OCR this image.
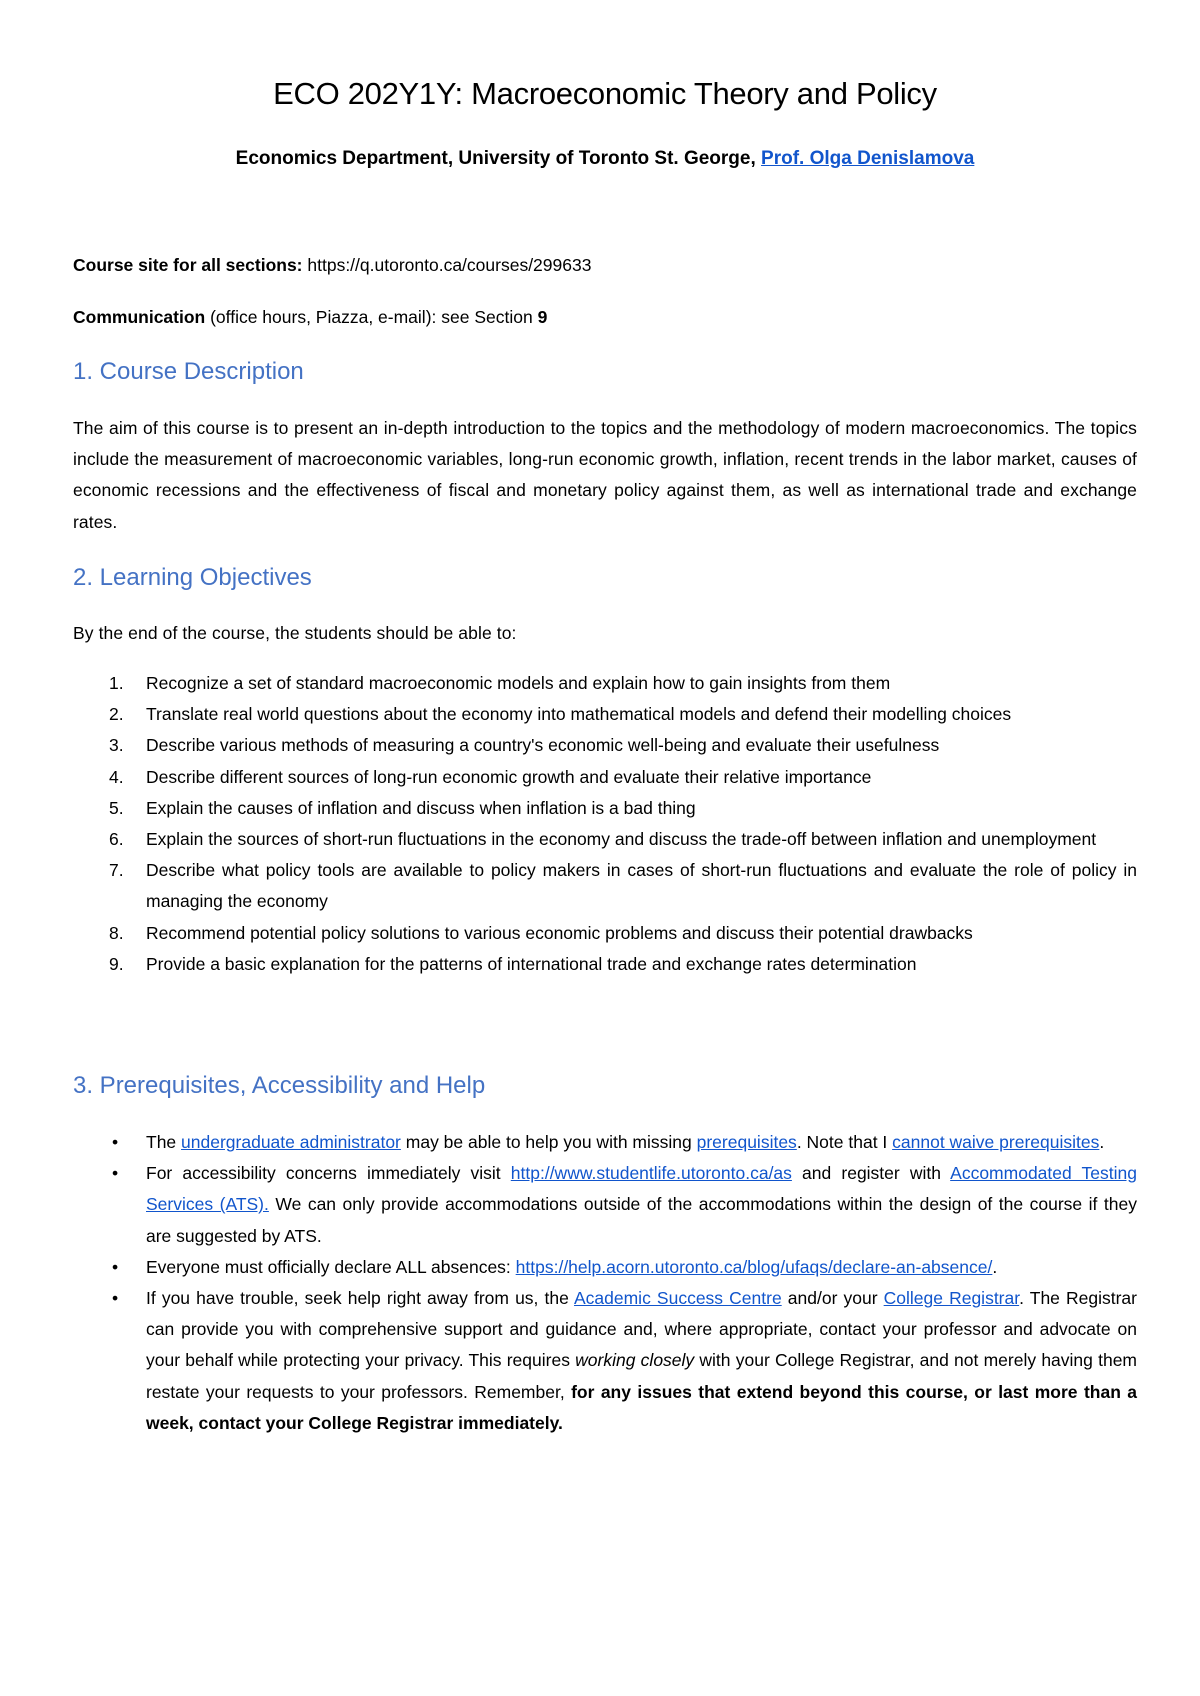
ECO 202Y1Y: Macroeconomic Theory and Policy
Economics Department, University of Toronto St. George, Prof. Olga Denislamova
Course site for all sections: https://q.utoronto.ca/courses/299633
Communication (office hours, Piazza, e-mail): see Section 9
1. Course Description
The aim of this course is to present an in-depth introduction to the topics and the methodology of modern macroeconomics. The topics include the measurement of macroeconomic variables, long-run economic growth, inflation, recent trends in the labor market, causes of economic recessions and the effectiveness of fiscal and monetary policy against them, as well as international trade and exchange rates.
2. Learning Objectives
By the end of the course, the students should be able to:
1. Recognize a set of standard macroeconomic models and explain how to gain insights from them
2. Translate real world questions about the economy into mathematical models and defend their modelling choices
3. Describe various methods of measuring a country's economic well-being and evaluate their usefulness
4. Describe different sources of long-run economic growth and evaluate their relative importance
5. Explain the causes of inflation and discuss when inflation is a bad thing
6. Explain the sources of short-run fluctuations in the economy and discuss the trade-off between inflation and unemployment
7. Describe what policy tools are available to policy makers in cases of short-run fluctuations and evaluate the role of policy in managing the economy
8. Recommend potential policy solutions to various economic problems and discuss their potential drawbacks
9. Provide a basic explanation for the patterns of international trade and exchange rates determination
3. Prerequisites, Accessibility and Help
• The undergraduate administrator may be able to help you with missing prerequisites. Note that I cannot waive prerequisites.
• For accessibility concerns immediately visit http://www.studentlife.utoronto.ca/as and register with Accommodated Testing Services (ATS). We can only provide accommodations outside of the accommodations within the design of the course if they are suggested by ATS.
• Everyone must officially declare ALL absences: https://help.acorn.utoronto.ca/blog/ufaqs/declare-an-absence/.
• If you have trouble, seek help right away from us, the Academic Success Centre and/or your College Registrar. The Registrar can provide you with comprehensive support and guidance and, where appropriate, contact your professor and advocate on your behalf while protecting your privacy. This requires working closely with your College Registrar, and not merely having them restate your requests to your professors. Remember, for any issues that extend beyond this course, or last more than a week, contact your College Registrar immediately.
